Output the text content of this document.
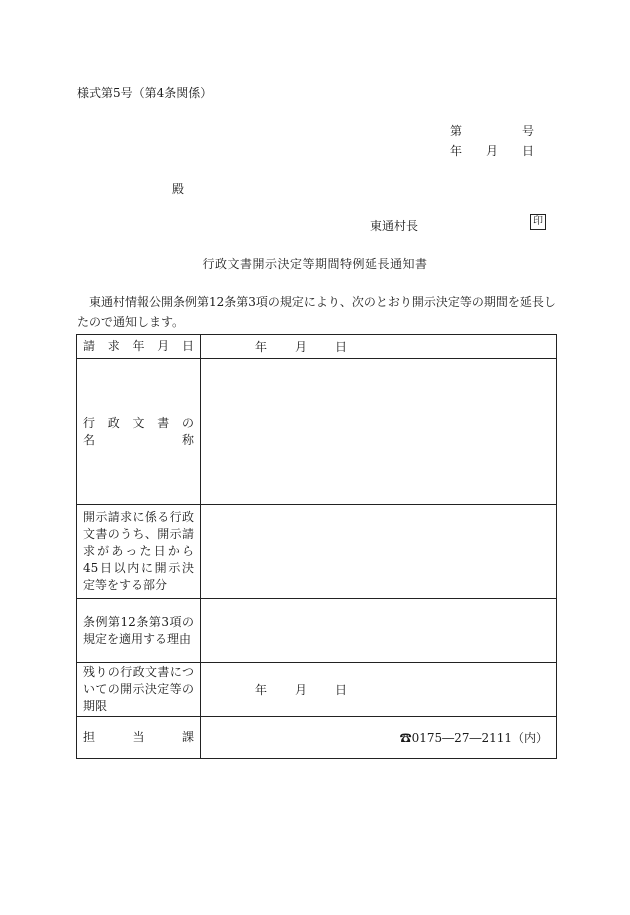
様式第5号（第4条関係）
第	号
年 月 日
殿
東通村長	印
行政文書開示決定等期間特例延長通知書
東通村情報公開条例第12条第3項の規定により、次のとおり開示決定等の期間を延長したので通知します。
請　求　年　月　日	年 月 日
行　政　文　書　の　名　称	
開示請求に係る行政文書のうち、開示請求があった日から45日以内に開示決定等をする部分	
条例第12条第3項の規定を適用する理由	
残りの行政文書についての開示決定等の期限	年 月 日
担　　　当　　　課	☎0175―27―2111（内）
